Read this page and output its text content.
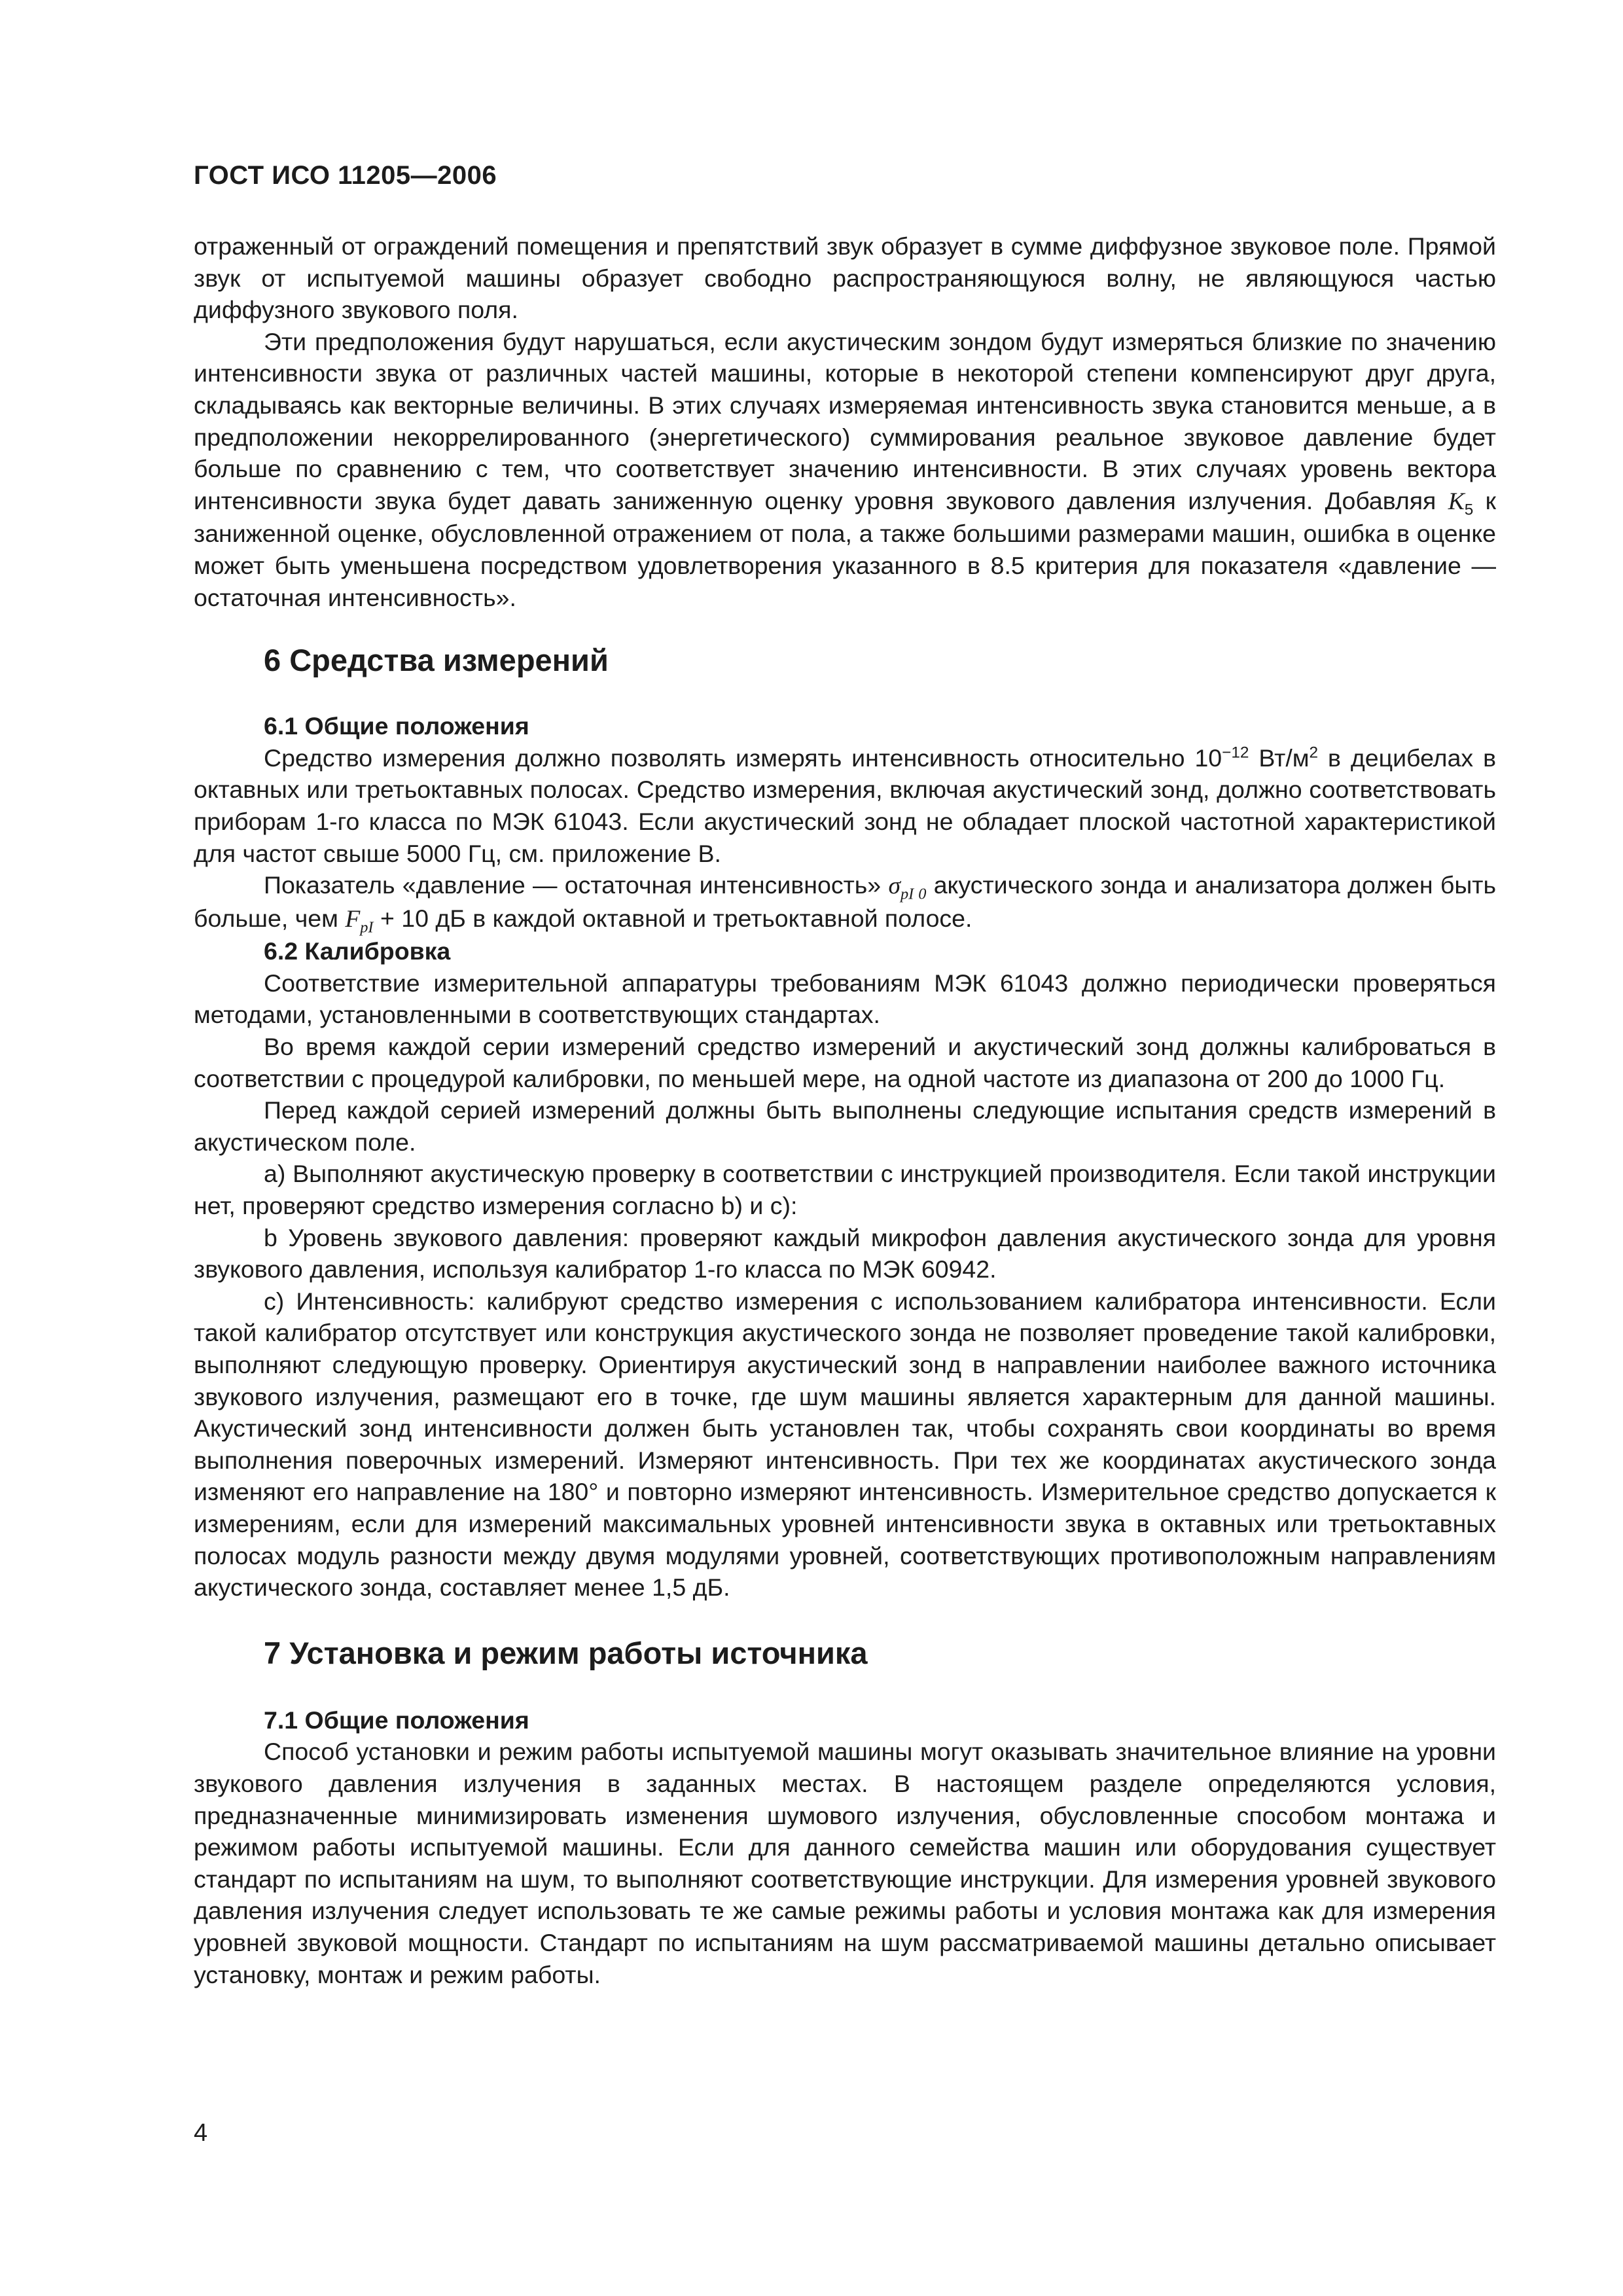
ГОСТ ИСО 11205—2006

отраженный от ограждений помещения и препятствий звук образует в сумме диффузное звуковое поле. Прямой звук от испытуемой машины образует свободно распространяющуюся волну, не являющуюся частью диффузного звукового поля.

Эти предположения будут нарушаться, если акустическим зондом будут измеряться близкие по значению интенсивности звука от различных частей машины, которые в некоторой степени компенсируют друг друга, складываясь как векторные величины. В этих случаях измеряемая интенсивность звука становится меньше, а в предположении некоррелированного (энергетического) суммирования реальное звуковое давление будет больше по сравнению с тем, что соответствует значению интенсивности. В этих случаях уровень вектора интенсивности звука будет давать заниженную оценку уровня звукового давления излучения. Добавляя $K_5$ к заниженной оценке, обусловленной отражением от пола, а также большими размерами машин, ошибка в оценке может быть уменьшена посредством удовлетворения указанного в 8.5 критерия для показателя «давление — остаточная интенсивность».

6 Средства измерений
6.1 Общие положения

Средство измерения должно позволять измерять интенсивность относительно $10^{-12}$ $Вт/м^2$ в децибелах в октавных или третьоктавных полосах. Средство измерения, включая акустический зонд, должно соответствовать приборам 1-го класса по МЭК 61043. Если акустический зонд не обладает плоской частотной характеристикой для частот свыше 5000 Гц, см. приложение В.

Показатель «давление — остаточная интенсивность» $\sigma_{pI 0}$ акустического зонда и анализатора должен быть больше, чем $F_{pI} + 10$ дБ в каждой октавной и третьоктавной полосе.

6.2 Калибровка

Соответствие измерительной аппаратуры требованиям МЭК 61043 должно периодически проверяться методами, установленными в соответствующих стандартах.

Во время каждой серии измерений средство измерений и акустический зонд должны калиброваться в соответствии с процедурой калибровки, по меньшей мере, на одной частоте из диапазона от 200 до 1000 Гц.

Перед каждой серией измерений должны быть выполнены следующие испытания средств измерений в акустическом поле.

а) Выполняют акустическую проверку в соответствии с инструкцией производителя. Если такой инструкции нет, проверяют средство измерения согласно b) и с):

b Уровень звукового давления: проверяют каждый микрофон давления акустического зонда для уровня звукового давления, используя калибратор 1-го класса по МЭК 60942.

с) Интенсивность: калибруют средство измерения с использованием калибратора интенсивности. Если такой калибратор отсутствует или конструкция акустического зонда не позволяет проведение такой калибровки, выполняют следующую проверку. Ориентируя акустический зонд в направлении наиболее важного источника звукового излучения, размещают его в точке, где шум машины является характерным для данной машины. Акустический зонд интенсивности должен быть установлен так, чтобы сохранять свои координаты во время выполнения поверочных измерений. Измеряют интенсивность. При тех же координатах акустического зонда изменяют его направление на 180° и повторно измеряют интенсивность. Измерительное средство допускается к измерениям, если для измерений максимальных уровней интенсивности звука в октавных или третьоктавных полосах модуль разности между двумя модулями уровней, соответствующих противоположным направлениям акустического зонда, составляет менее 1,5 дБ.

7 Установка и режим работы источника
7.1 Общие положения

Способ установки и режим работы испытуемой машины могут оказывать значительное влияние на уровни звукового давления излучения в заданных местах. В настоящем разделе определяются условия, предназначенные минимизировать изменения шумового излучения, обусловленные способом монтажа и режимом работы испытуемой машины. Если для данного семейства машин или оборудования существует стандарт по испытаниям на шум, то выполняют соответствующие инструкции. Для измерения уровней звукового давления излучения следует использовать те же самые режимы работы и условия монтажа как для измерения уровней звуковой мощности. Стандарт по испытаниям на шум рассматриваемой машины детально описывает установку, монтаж и режим работы.

4
